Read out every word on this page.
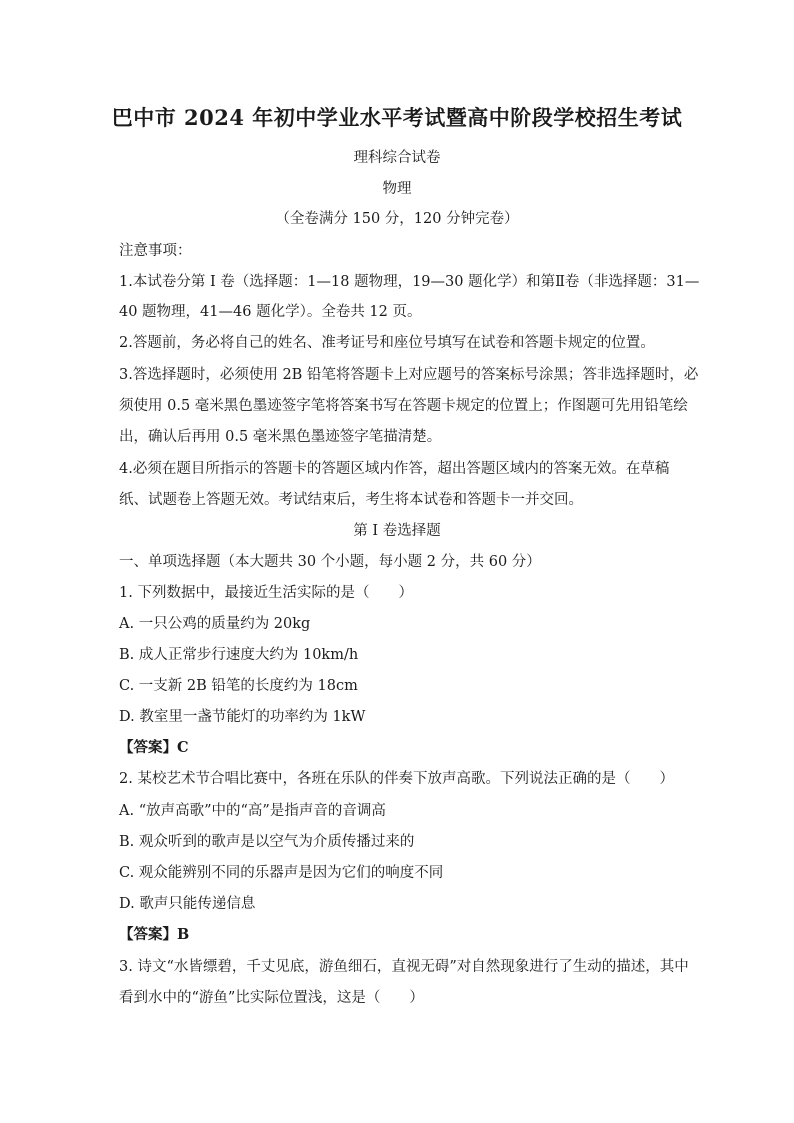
巴中市 2024 年初中学业水平考试暨高中阶段学校招生考试
理科综合试卷
物理
（全卷满分 150 分，120 分钟完卷）
注意事项：
1.本试卷分第 I 卷（选择题：1—18 题物理，19—30 题化学）和第Ⅱ卷（非选择题：31—
40 题物理，41—46 题化学）。全卷共 12 页。
2.答题前，务必将自己的姓名、准考证号和座位号填写在试卷和答题卡规定的位置。
3.答选择题时，必须使用 2B 铅笔将答题卡上对应题号的答案标号涂黑；答非选择题时，必
须使用 0.5 毫米黑色墨迹签字笔将答案书写在答题卡规定的位置上；作图题可先用铅笔绘
出，确认后再用 0.5 毫米黑色墨迹签字笔描清楚。
4.必须在题目所指示的答题卡的答题区域内作答，超出答题区域内的答案无效。在草稿
纸、试题卷上答题无效。考试结束后，考生将本试卷和答题卡一并交回。
第 I 卷选择题
一、单项选择题（本大题共 30 个小题，每小题 2 分，共 60 分）
1. 下列数据中，最接近生活实际的是（　　）
A. 一只公鸡的质量约为 20kg
B. 成人正常步行速度大约为 10km/h
C. 一支新 2B 铅笔的长度约为 18cm
D. 教室里一盏节能灯的功率约为 1kW
【答案】C
2. 某校艺术节合唱比赛中，各班在乐队的伴奏下放声高歌。下列说法正确的是（　　）
A. “放声高歌”中的“高”是指声音的音调高
B. 观众听到的歌声是以空气为介质传播过来的
C. 观众能辨别不同的乐器声是因为它们的响度不同
D. 歌声只能传递信息
【答案】B
3. 诗文“水皆缥碧，千丈见底，游鱼细石，直视无碍”对自然现象进行了生动的描述，其中
看到水中的“游鱼”比实际位置浅，这是（　　）
